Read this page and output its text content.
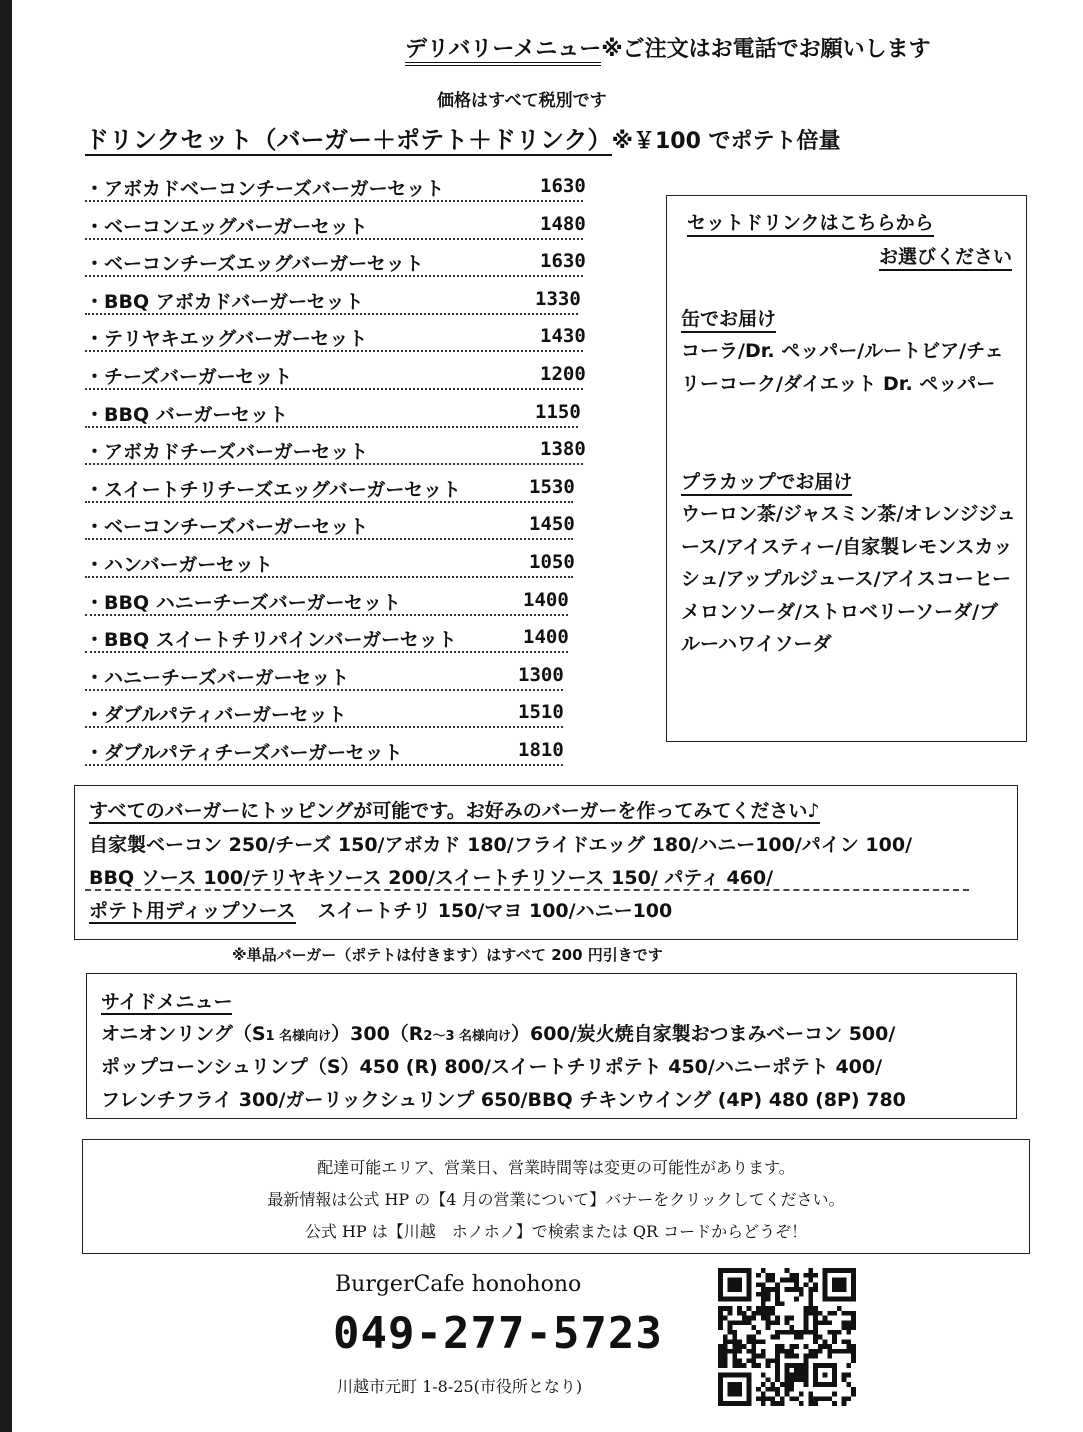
デリバリーメニュー※ご注文はお電話でお願いします
価格はすべて税別です
ドリンクセット（バーガー＋ポテト＋ドリンク）※￥100 でポテト倍量
・アボカドベーコンチーズバーガーセット	1630
・ベーコンエッグバーガーセット	1480
・ベーコンチーズエッグバーガーセット	1630
・BBQ アボカドバーガーセット	1330
・テリヤキエッグバーガーセット	1430
・チーズバーガーセット	1200
・BBQ バーガーセット	1150
・アボカドチーズバーガーセット	1380
・スイートチリチーズエッグバーガーセット	1530
・ベーコンチーズバーガーセット	1450
・ハンバーガーセット	1050
・BBQ ハニーチーズバーガーセット	1400
・BBQ スイートチリパインバーガーセット	1400
・ハニーチーズバーガーセット	1300
・ダブルパティバーガーセット	1510
・ダブルパティチーズバーガーセット	1810
セットドリンクはこちらから
お選びください
缶でお届け
コーラ/Dr. ペッパー/ルートビア/チェリーコーク/ダイエット Dr. ペッパー
プラカップでお届け
ウーロン茶/ジャスミン茶/オレンジジュース/アイスティー/自家製レモンスカッシュ/アップルジュース/アイスコーヒーメロンソーダ/ストロベリーソーダ/ブルーハワイソーダ
すべてのバーガーにトッピングが可能です。お好みのバーガーを作ってみてください♪
自家製ベーコン 250/チーズ 150/アボカド 180/フライドエッグ 180/ハニー100/パイン 100/
BBQ ソース 100/テリヤキソース 200/スイートチリソース 150/ パティ 460/
ポテト用ディップソース スイートチリ 150/マヨ 100/ハニー100
※単品バーガー（ポテトは付きます）はすべて 200 円引きです
サイドメニュー
オニオンリング（S1 名様向け）300（R2～3 名様向け）600/炭火焼自家製おつまみベーコン 500/
ポップコーンシュリンプ（S）450 (R) 800/スイートチリポテト 450/ハニーポテト 400/
フレンチフライ 300/ガーリックシュリンプ 650/BBQ チキンウイング (4P) 480 (8P) 780
配達可能エリア、営業日、営業時間等は変更の可能性があります。
最新情報は公式 HP の【4 月の営業について】バナーをクリックしてください。
公式 HP は【川越　ホノホノ】で検索または QR コードからどうぞ！
BurgerCafe honohono
049-277-5723
川越市元町 1-8-25(市役所となり)
